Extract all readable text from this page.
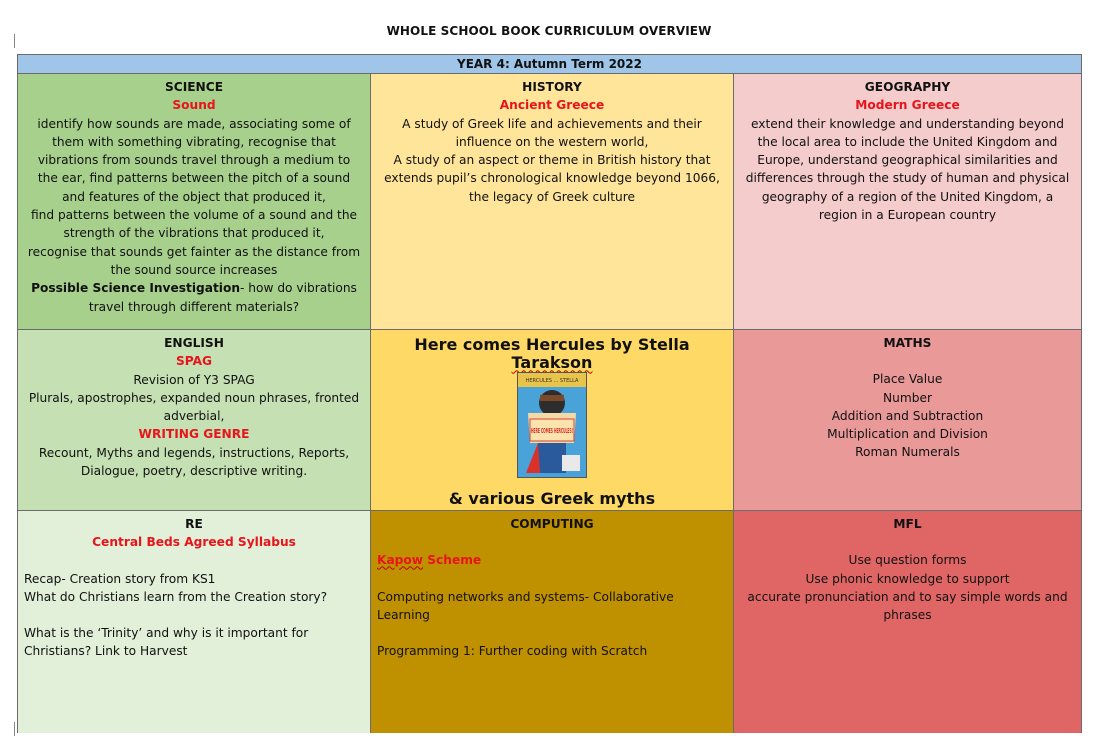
WHOLE SCHOOL BOOK CURRICULUM OVERVIEW
YEAR 4: Autumn Term 2022
SCIENCE
Sound
identify how sounds are made, associating some of
them with something vibrating, recognise that
vibrations from sounds travel through a medium to
the ear, find patterns between the pitch of a sound
and features of the object that produced it,
find patterns between the volume of a sound and the
strength of the vibrations that produced it,
recognise that sounds get fainter as the distance from
the sound source increases
Possible Science Investigation- how do vibrations
travel through different materials?
HISTORY
Ancient Greece
A study of Greek life and achievements and their
influence on the western world,
A study of an aspect or theme in British history that
extends pupil’s chronological knowledge beyond 1066,
the legacy of Greek culture
GEOGRAPHY
Modern Greece
extend their knowledge and understanding beyond
the local area to include the United Kingdom and
Europe, understand geographical similarities and
differences through the study of human and physical
geography of a region of the United Kingdom, a
region in a European country
ENGLISH
SPAG
Revision of Y3 SPAG
Plurals, apostrophes, expanded noun phrases, fronted
adverbial,
WRITING GENRE
Recount, Myths and legends, instructions, Reports,
Dialogue, poetry, descriptive writing.
Here comes Hercules by Stella Tarakson
HERCULES ... STELLA
HERE COMES HERCULES!
& various Greek myths
MATHS
Place Value
Number
Addition and Subtraction
Multiplication and Division
Roman Numerals
RE
Central Beds Agreed Syllabus
Recap- Creation story from KS1
What do Christians learn from the Creation story?
What is the ‘Trinity’ and why is it important for
Christians? Link to Harvest
COMPUTING
Kapow Scheme
Computing networks and systems- Collaborative
Learning
Programming 1: Further coding with Scratch
MFL
Use question forms
Use phonic knowledge to support
accurate pronunciation and to say simple words and
phrases
